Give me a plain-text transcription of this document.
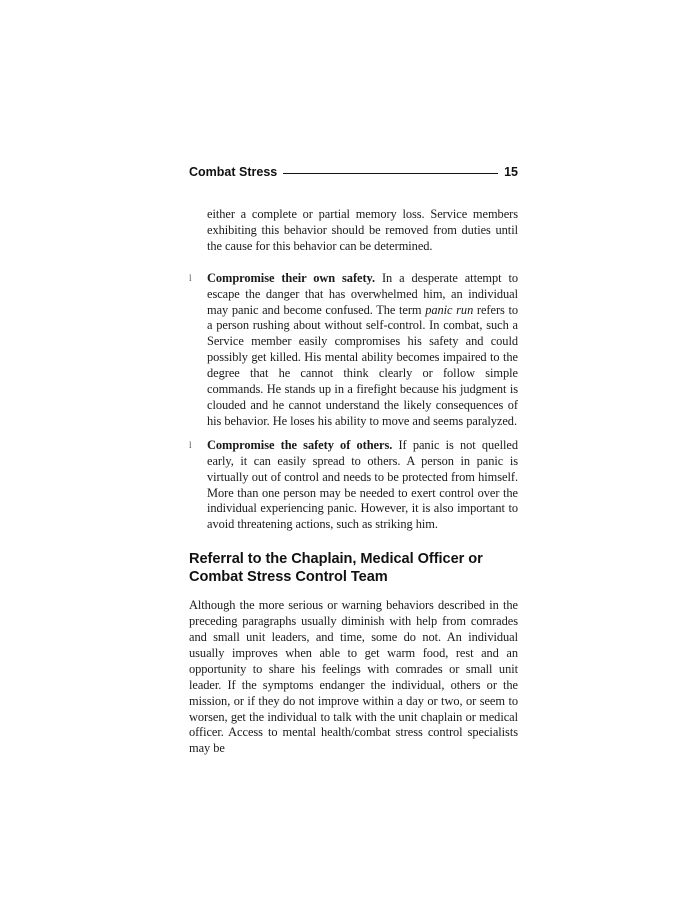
Combat Stress	15

either a complete or partial memory loss. Service members exhibiting this behavior should be removed from duties until the cause for this behavior can be determined.

l	Compromise their own safety. In a desperate attempt to escape the danger that has overwhelmed him, an individual may panic and become confused. The term panic run refers to a person rushing about without self-control. In combat, such a Service member easily compromises his safety and could possibly get killed. His mental ability becomes impaired to the degree that he cannot think clearly or follow simple commands. He stands up in a firefight because his judgment is clouded and he cannot understand the likely consequences of his behavior. He loses his ability to move and seems paralyzed.

l	Compromise the safety of others. If panic is not quelled early, it can easily spread to others. A person in panic is virtually out of control and needs to be protected from himself. More than one person may be needed to exert control over the individual experiencing panic. However, it is also important to avoid threatening actions, such as striking him.

Referral to the Chaplain, Medical Officer or
Combat Stress Control Team

Although the more serious or warning behaviors described in the preceding paragraphs usually diminish with help from comrades and small unit leaders, and time, some do not. An individual usually improves when able to get warm food, rest and an opportunity to share his feelings with comrades or small unit leader. If the symptoms endanger the individual, others or the mission, or if they do not improve within a day or two, or seem to worsen, get the individual to talk with the unit chaplain or medical officer. Access to mental health/combat stress control specialists may be
